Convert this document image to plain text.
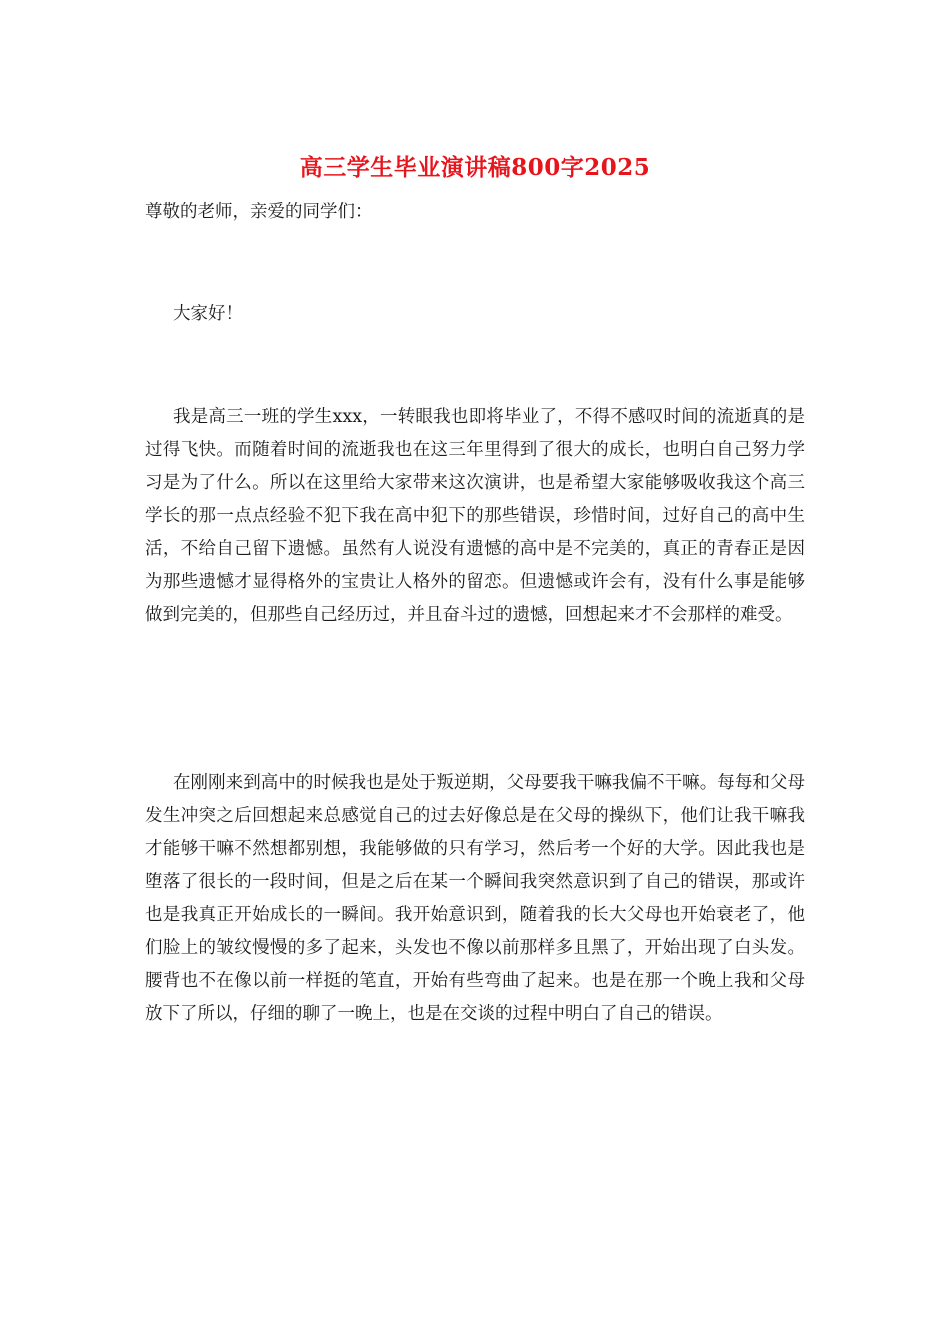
高三学生毕业演讲稿800字2025
尊敬的老师，亲爱的同学们：
大家好！

我是高三一班的学生xxx，一转眼我也即将毕业了，不得不感叹时间的流逝真的是过得飞快。而随着时间的流逝我也在这三年里得到了很大的成长，也明白自己努力学习是为了什么。所以在这里给大家带来这次演讲，也是希望大家能够吸收我这个高三学长的那一点点经验不犯下我在高中犯下的那些错误，珍惜时间，过好自己的高中生活，不给自己留下遗憾。虽然有人说没有遗憾的高中是不完美的，真正的青春正是因为那些遗憾才显得格外的宝贵让人格外的留恋。但遗憾或许会有，没有什么事是能够做到完美的，但那些自己经历过，并且奋斗过的遗憾，回想起来才不会那样的难受。

在刚刚来到高中的时候我也是处于叛逆期，父母要我干嘛我偏不干嘛。每每和父母发生冲突之后回想起来总感觉自己的过去好像总是在父母的操纵下，他们让我干嘛我才能够干嘛不然想都别想，我能够做的只有学习，然后考一个好的大学。因此我也是堕落了很长的一段时间，但是之后在某一个瞬间我突然意识到了自己的错误，那或许也是我真正开始成长的一瞬间。我开始意识到，随着我的长大父母也开始衰老了，他们脸上的皱纹慢慢的多了起来，头发也不像以前那样多且黑了，开始出现了白头发。腰背也不在像以前一样挺的笔直，开始有些弯曲了起来。也是在那一个晚上我和父母放下了所以，仔细的聊了一晚上，也是在交谈的过程中明白了自己的错误。
